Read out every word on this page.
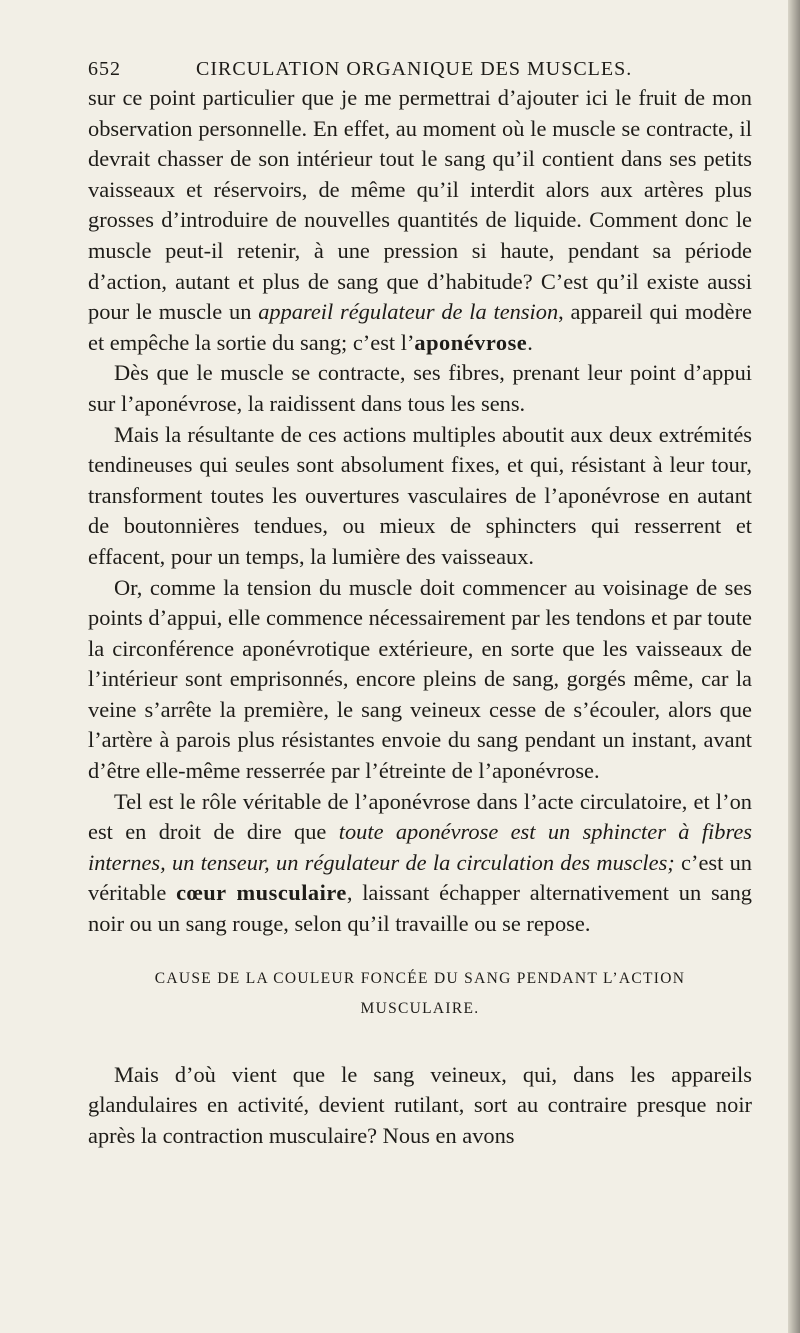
652	CIRCULATION ORGANIQUE DES MUSCLES.

sur ce point particulier que je me permettrai d’ajouter ici le fruit de mon observation personnelle. En effet, au moment où le muscle se contracte, il devrait chasser de son intérieur tout le sang qu’il contient dans ses petits vaisseaux et réservoirs, de même qu’il interdit alors aux artères plus grosses d’introduire de nouvelles quantités de liquide. Comment donc le muscle peut-il retenir, à une pression si haute, pendant sa période d’action, autant et plus de sang que d’habitude? C’est qu’il existe aussi pour le muscle un appareil régulateur de la tension, appareil qui modère et empêche la sortie du sang; c’est l’aponévrose.

Dès que le muscle se contracte, ses fibres, prenant leur point d’appui sur l’aponévrose, la raidissent dans tous les sens.

Mais la résultante de ces actions multiples aboutit aux deux extrémités tendineuses qui seules sont absolument fixes, et qui, résistant à leur tour, transforment toutes les ouvertures vasculaires de l’aponévrose en autant de boutonnières tendues, ou mieux de sphincters qui resserrent et effacent, pour un temps, la lumière des vaisseaux.

Or, comme la tension du muscle doit commencer au voisinage de ses points d’appui, elle commence nécessairement par les tendons et par toute la circonférence aponévrotique extérieure, en sorte que les vaisseaux de l’intérieur sont emprisonnés, encore pleins de sang, gorgés même, car la veine s’arrête la première, le sang veineux cesse de s’écouler, alors que l’artère à parois plus résistantes envoie du sang pendant un instant, avant d’être elle-même resserrée par l’étreinte de l’aponévrose.

Tel est le rôle véritable de l’aponévrose dans l’acte circulatoire, et l’on est en droit de dire que toute aponévrose est un sphincter à fibres internes, un tenseur, un régulateur de la circulation des muscles; c’est un véritable cœur musculaire, laissant échapper alternativement un sang noir ou un sang rouge, selon qu’il travaille ou se repose.

CAUSE DE LA COULEUR FONCÉE DU SANG PENDANT L’ACTION
MUSCULAIRE.

Mais d’où vient que le sang veineux, qui, dans les appareils glandulaires en activité, devient rutilant, sort au contraire presque noir après la contraction musculaire? Nous en avons
